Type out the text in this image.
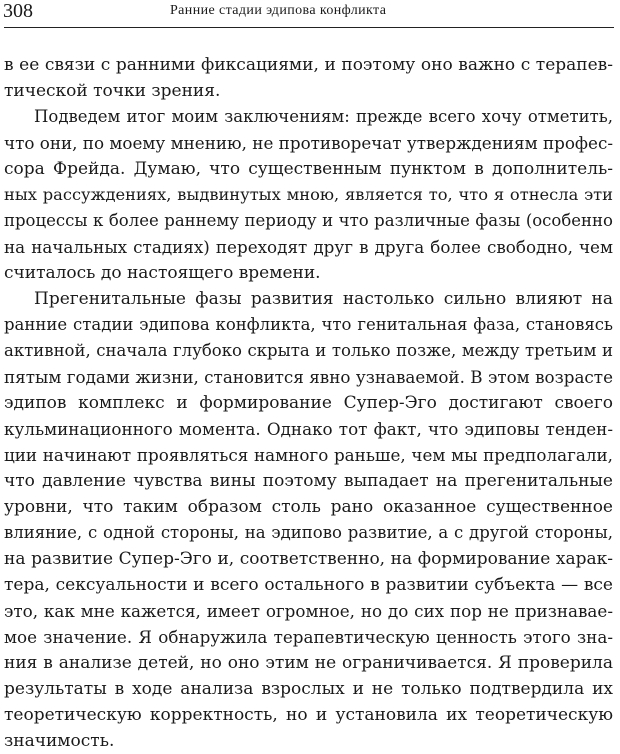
308	Ранние стадии эдипова конфликта
в ее связи с ранними фиксациями, и поэтому оно важно с терапев-
тической точки зрения.
Подведем итог моим заключениям: прежде всего хочу отметить,
что они, по моему мнению, не противоречат утверждениям профес-
сора Фрейда. Думаю, что существенным пунктом в дополнитель-
ных рассуждениях, выдвинутых мною, является то, что я отнесла эти
процессы к более раннему периоду и что различные фазы (особенно
на начальных стадиях) переходят друг в друга более свободно, чем
считалось до настоящего времени.
Прегенитальные фазы развития настолько сильно влияют на
ранние стадии эдипова конфликта, что генитальная фаза, становясь
активной, сначала глубоко скрыта и только позже, между третьим и
пятым годами жизни, становится явно узнаваемой. В этом возрасте
эдипов комплекс и формирование Супер-Эго достигают своего
кульминационного момента. Однако тот факт, что эдиповы тенден-
ции начинают проявляться намного раньше, чем мы предполагали,
что давление чувства вины поэтому выпадает на прегенитальные
уровни, что таким образом столь рано оказанное существенное
влияние, с одной стороны, на эдипово развитие, а с другой стороны,
на развитие Супер-Эго и, соответственно, на формирование харак-
тера, сексуальности и всего остального в развитии субъекта — все
это, как мне кажется, имеет огромное, но до сих пор не признавае-
мое значение. Я обнаружила терапевтическую ценность этого зна-
ния в анализе детей, но оно этим не ограничивается. Я проверила
результаты в ходе анализа взрослых и не только подтвердила их
теоретическую корректность, но и установила их теоретическую
значимость.
